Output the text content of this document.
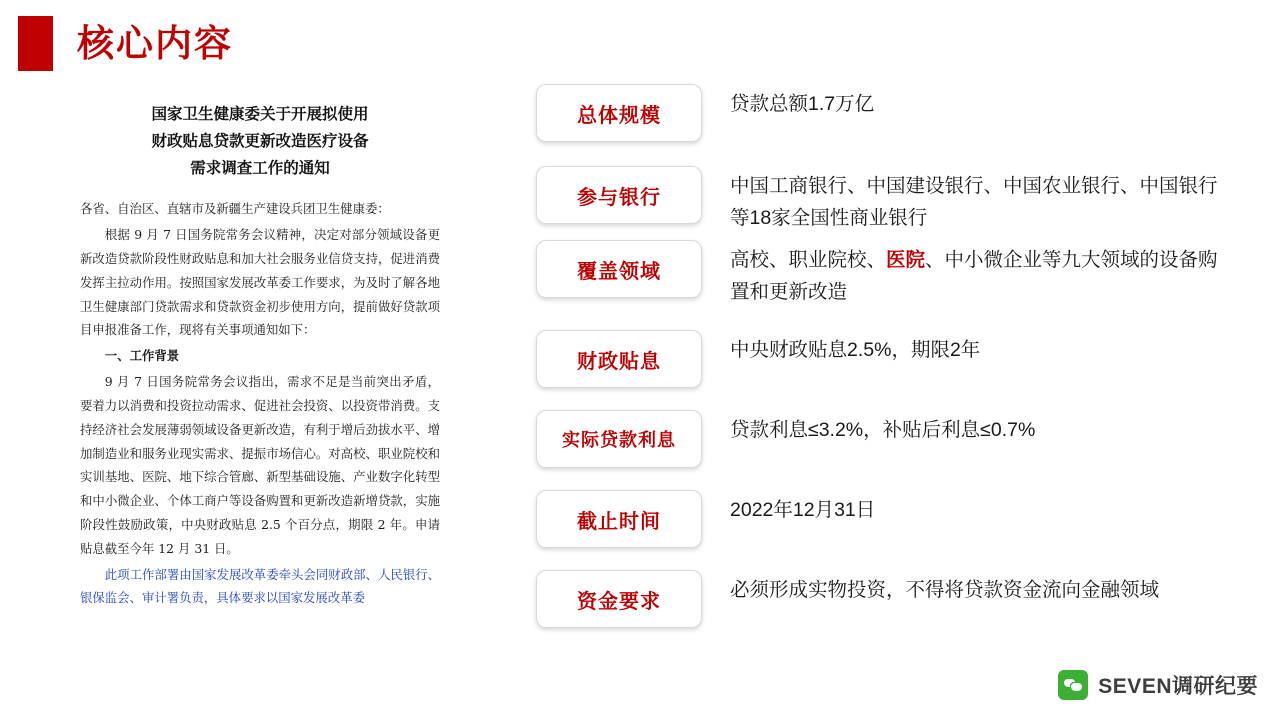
核心内容
国家卫生健康委关于开展拟使用
财政贴息贷款更新改造医疗设备
需求调查工作的通知

各省、自治区、直辖市及新疆生产建设兵团卫生健康委：

根据 9 月 7 日国务院常务会议精神，决定对部分领域设备更新改造贷款阶段性财政贴息和加大社会服务业信贷支持，促进消费发挥主拉动作用。按照国家发展改革委工作要求，为及时了解各地卫生健康部门贷款需求和贷款资金初步使用方向，提前做好贷款项目申报准备工作，现将有关事项通知如下：

一、工作背景

9 月 7 日国务院常务会议指出，需求不足是当前突出矛盾，要着力以消费和投资拉动需求、促进社会投资、以投资带消费。支持经济社会发展薄弱领域设备更新改造，有利于增后劲拔水平、增加制造业和服务业现实需求、提振市场信心。对高校、职业院校和实训基地、医院、地下综合管廊、新型基础设施、产业数字化转型和中小微企业、个体工商户等设备购置和更新改造新增贷款，实施阶段性鼓励政策，中央财政贴息 2.5 个百分点，期限 2 年。申请贴息截至今年 12 月 31 日。

此项工作部署由国家发展改革委牵头会同财政部、人民银行、银保监会、审计署负责，具体要求以国家发展改革委

总体规模
贷款总额1.7万亿
参与银行
中国工商银行、中国建设银行、中国农业银行、中国银行等18家全国性商业银行
覆盖领域
高校、职业院校、医院、中小微企业等九大领域的设备购置和更新改造
财政贴息
中央财政贴息2.5%，期限2年
实际贷款利息	贷款利息≤3.2%，补贴后利息≤0.7%
截止时间
2022年12月31日
资金要求
必须形成实物投资，不得将贷款资金流向金融领域
SEVEN调研纪要
